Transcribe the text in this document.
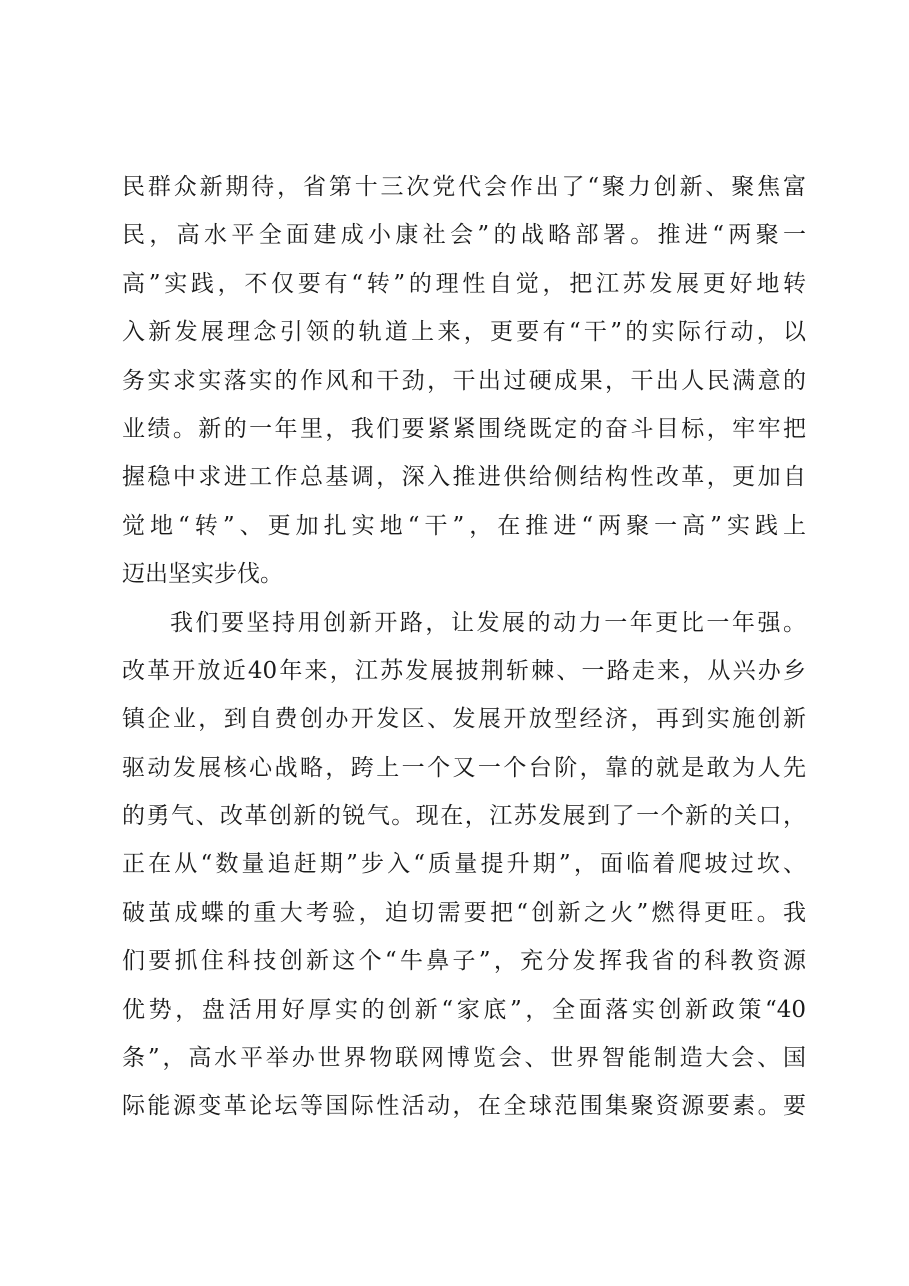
民群众新期待，省第十三次党代会作出了“聚力创新、聚焦富
民，高水平全面建成小康社会”的战略部署。推进“两聚一
高”实践，不仅要有“转”的理性自觉，把江苏发展更好地转
入新发展理念引领的轨道上来，更要有“干”的实际行动，以
务实求实落实的作风和干劲，干出过硬成果，干出人民满意的
业绩。新的一年里，我们要紧紧围绕既定的奋斗目标，牢牢把
握稳中求进工作总基调，深入推进供给侧结构性改革，更加自
觉地“转”、更加扎实地“干”，在推进“两聚一高”实践上
迈出坚实步伐。
我们要坚持用创新开路，让发展的动力一年更比一年强。
改革开放近40年来，江苏发展披荆斩棘、一路走来，从兴办乡
镇企业，到自费创办开发区、发展开放型经济，再到实施创新
驱动发展核心战略，跨上一个又一个台阶，靠的就是敢为人先
的勇气、改革创新的锐气。现在，江苏发展到了一个新的关口，
正在从“数量追赶期”步入“质量提升期”，面临着爬坡过坎、
破茧成蝶的重大考验，迫切需要把“创新之火”燃得更旺。我
们要抓住科技创新这个“牛鼻子”，充分发挥我省的科教资源
优势，盘活用好厚实的创新“家底”，全面落实创新政策“40
条”，高水平举办世界物联网博览会、世界智能制造大会、国
际能源变革论坛等国际性活动，在全球范围集聚资源要素。要
